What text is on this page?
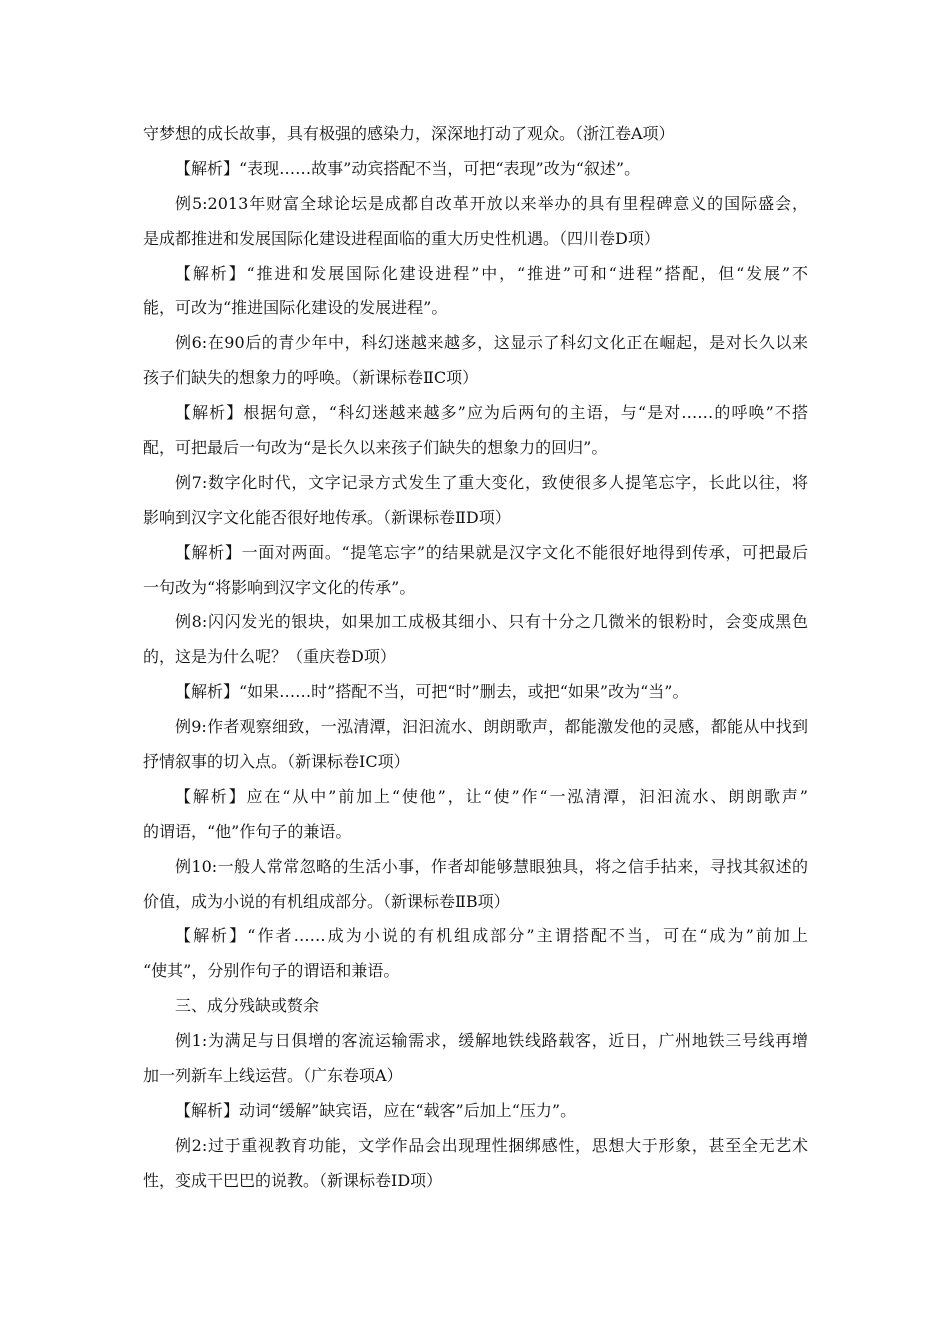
守梦想的成长故事，具有极强的感染力，深深地打动了观众。（浙江卷A项）
【解析】“表现……故事”动宾搭配不当，可把“表现”改为“叙述”。
例5:2013年财富全球论坛是成都自改革开放以来举办的具有里程碑意义的国际盛会，
是成都推进和发展国际化建设进程面临的重大历史性机遇。（四川卷D项）
【解析】“推进和发展国际化建设进程”中，“推进”可和“进程”搭配，但“发展”不
能，可改为“推进国际化建设的发展进程”。
例6:在90后的青少年中，科幻迷越来越多，这显示了科幻文化正在崛起，是对长久以来
孩子们缺失的想象力的呼唤。（新课标卷ⅡC项）
【解析】根据句意，“科幻迷越来越多”应为后两句的主语，与“是对……的呼唤”不搭
配，可把最后一句改为“是长久以来孩子们缺失的想象力的回归”。
例7:数字化时代，文字记录方式发生了重大变化，致使很多人提笔忘字，长此以往，将
影响到汉字文化能否很好地传承。（新课标卷ⅡD项）
【解析】一面对两面。“提笔忘字”的结果就是汉字文化不能很好地得到传承，可把最后
一句改为“将影响到汉字文化的传承”。
例8:闪闪发光的银块，如果加工成极其细小、只有十分之几微米的银粉时，会变成黑色
的，这是为什么呢？（重庆卷D项）
【解析】“如果……时”搭配不当，可把“时”删去，或把“如果”改为“当”。
例9:作者观察细致，一泓清潭，汩汩流水、朗朗歌声，都能激发他的灵感，都能从中找到
抒情叙事的切入点。（新课标卷ⅠC项）
【解析】应在“从中”前加上“使他”，让“使”作“一泓清潭，汩汩流水、朗朗歌声”
的谓语，“他”作句子的兼语。
例10:一般人常常忽略的生活小事，作者却能够慧眼独具，将之信手拈来，寻找其叙述的
价值，成为小说的有机组成部分。（新课标卷ⅡB项）
【解析】“作者……成为小说的有机组成部分”主谓搭配不当，可在“成为”前加上
“使其”，分别作句子的谓语和兼语。
三、成分残缺或赘余
例1:为满足与日俱增的客流运输需求，缓解地铁线路载客，近日，广州地铁三号线再增
加一列新车上线运营。（广东卷项A）
【解析】动词“缓解”缺宾语，应在“载客”后加上“压力”。
例2:过于重视教育功能，文学作品会出现理性捆绑感性，思想大于形象，甚至全无艺术
性，变成干巴巴的说教。（新课标卷ⅠD项）
